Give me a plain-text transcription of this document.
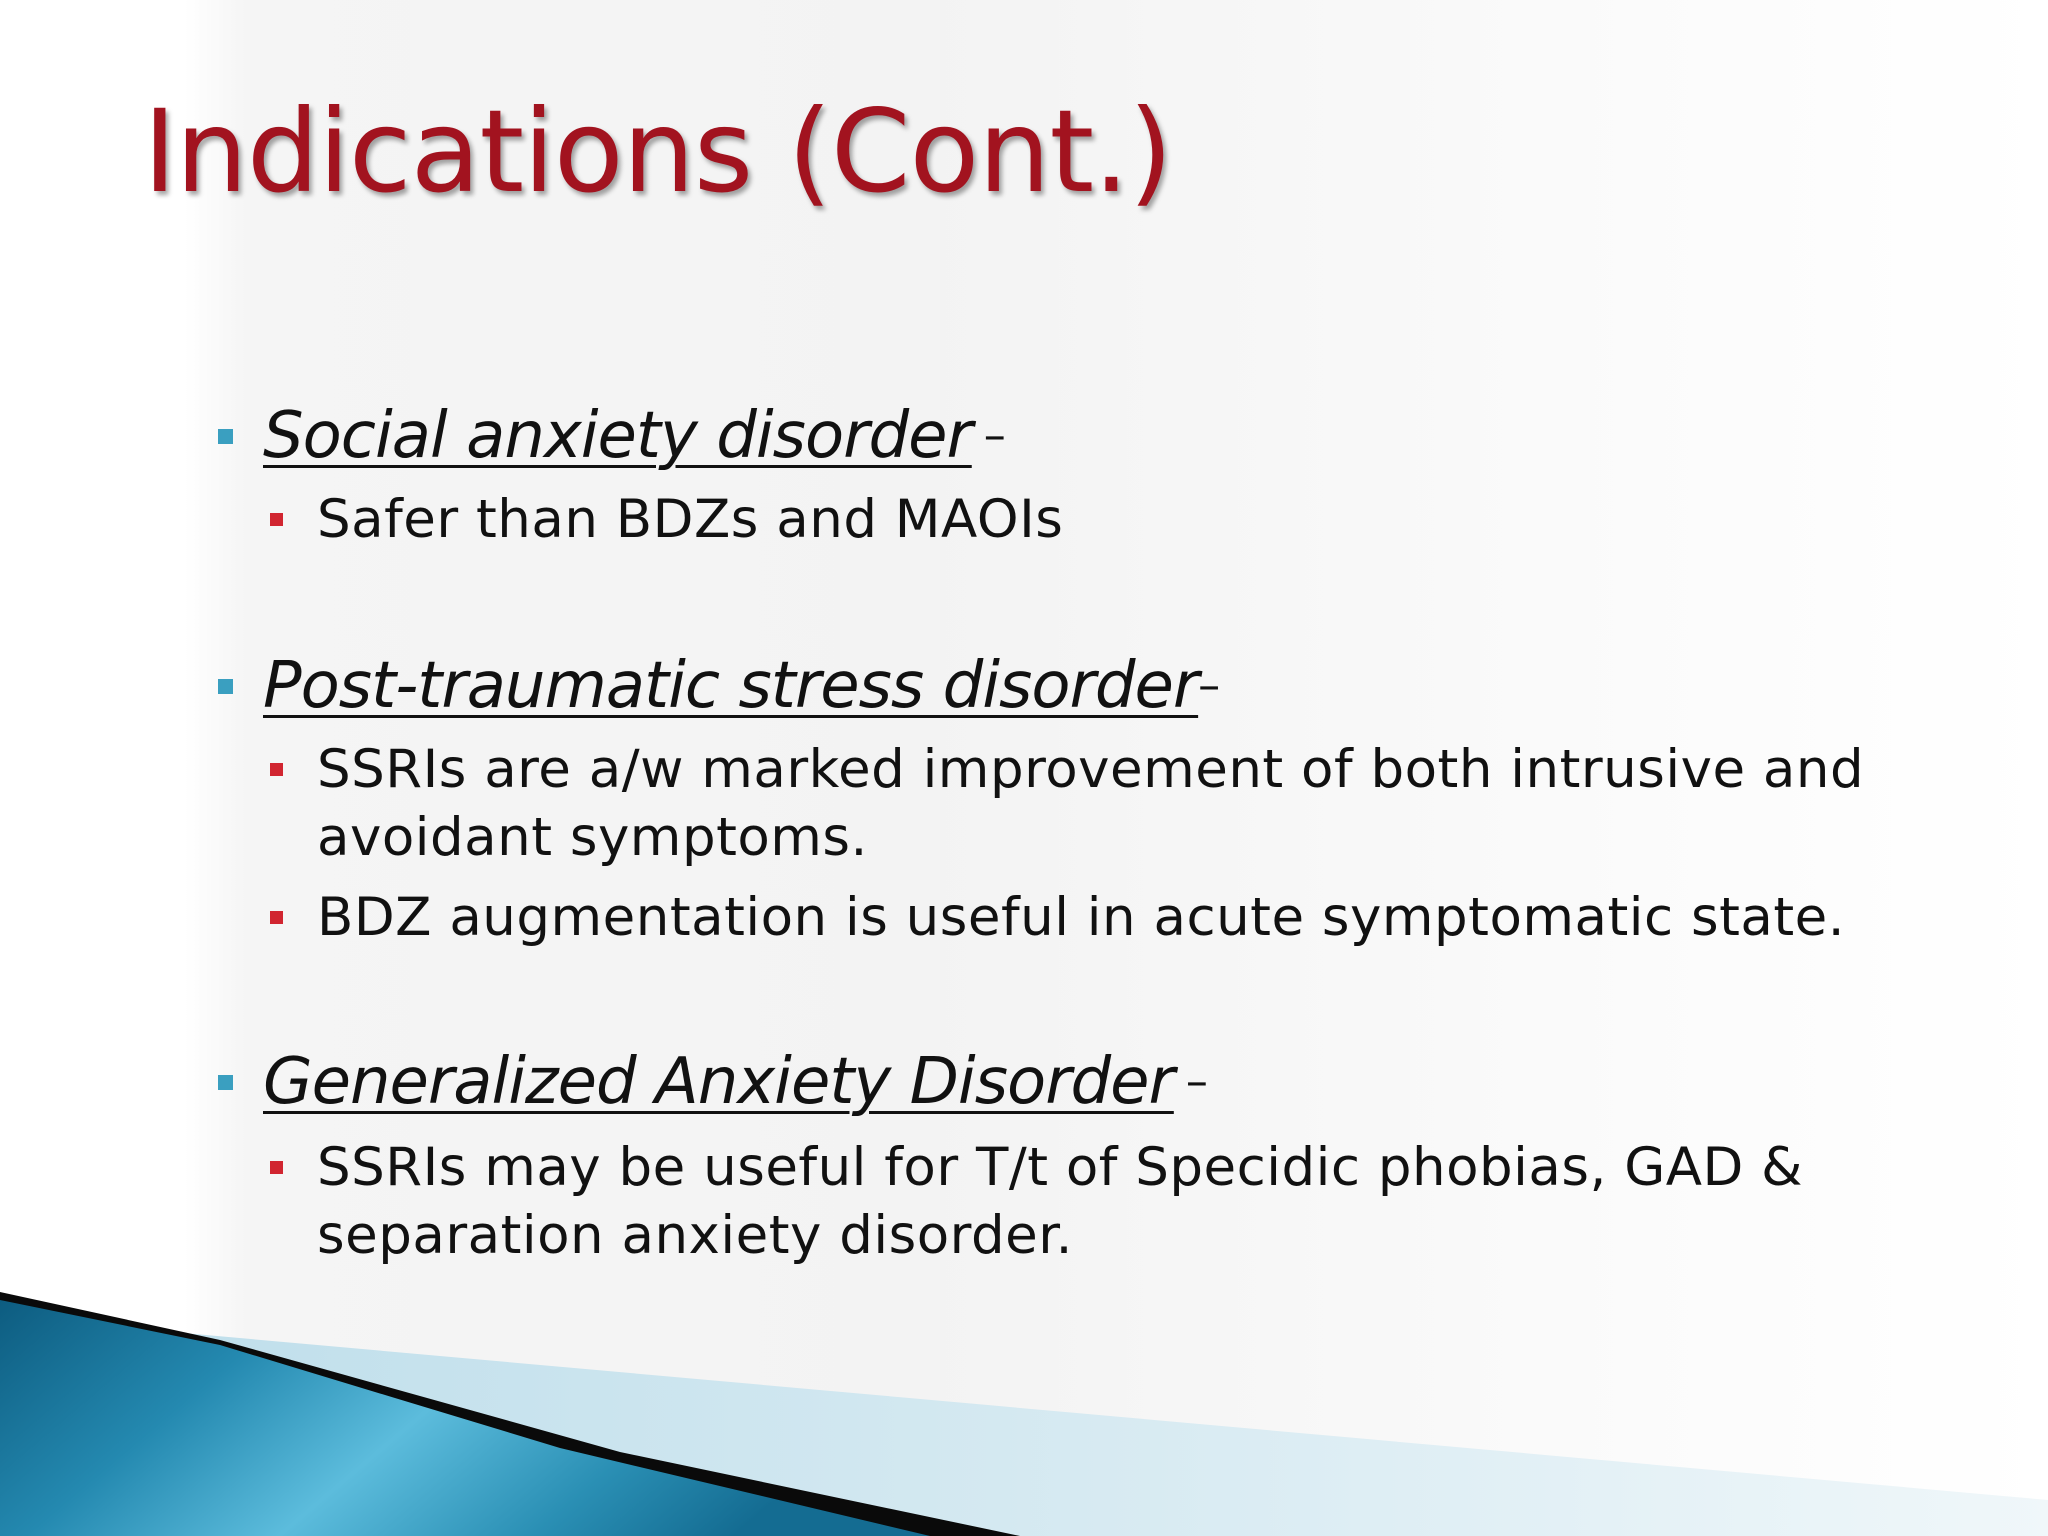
Indications (Cont.)
Social anxiety disorder –
Safer than BDZs and MAOIs
Post-traumatic stress disorder –
SSRIs are a/w marked improvement of both intrusive and avoidant symptoms.
BDZ augmentation is useful in acute symptomatic state.
Generalized Anxiety Disorder –
SSRIs may be useful for T/t of Specidic phobias, GAD & separation anxiety disorder.
